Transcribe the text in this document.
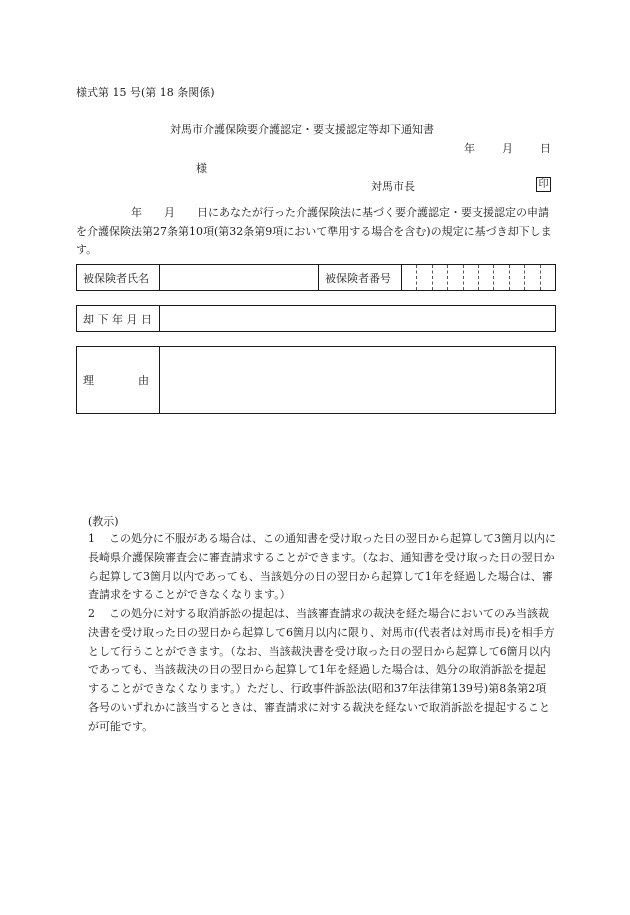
様式第 15 号(第 18 条関係)
対馬市介護保険要介護認定・要支援認定等却下通知書
年 月 日
様
対馬市長	印
　　　　　年　　月　　日にあなたが行った介護保険法に基づく要介護認定・要支援認定の申請を介護保険法第27条第10項(第32条第9項において準用する場合を含む)の規定に基づき却下します。
被保険者氏名		被保険者番号	
却 下 年 月 日	
理　　　　由	
(教示)
1	この処分に不服がある場合は、この通知書を受け取った日の翌日から起算して3箇月以内に長崎県介護保険審査会に審査請求することができます。（なお、通知書を受け取った日の翌日から起算して3箇月以内であっても、当該処分の日の翌日から起算して1年を経過した場合は、審査請求をすることができなくなります。）
2	この処分に対する取消訴訟の提起は、当該審査請求の裁決を経た場合においてのみ当該裁決書を受け取った日の翌日から起算して6箇月以内に限り、対馬市(代表者は対馬市長)を相手方として行うことができます。（なお、当該裁決書を受け取った日の翌日から起算して6箇月以内であっても、当該裁決の日の翌日から起算して1年を経過した場合は、処分の取消訴訟を提起することができなくなります。）ただし、行政事件訴訟法(昭和37年法律第139号)第8条第2項各号のいずれかに該当するときは、審査請求に対する裁決を経ないで取消訴訟を提起することが可能です。
